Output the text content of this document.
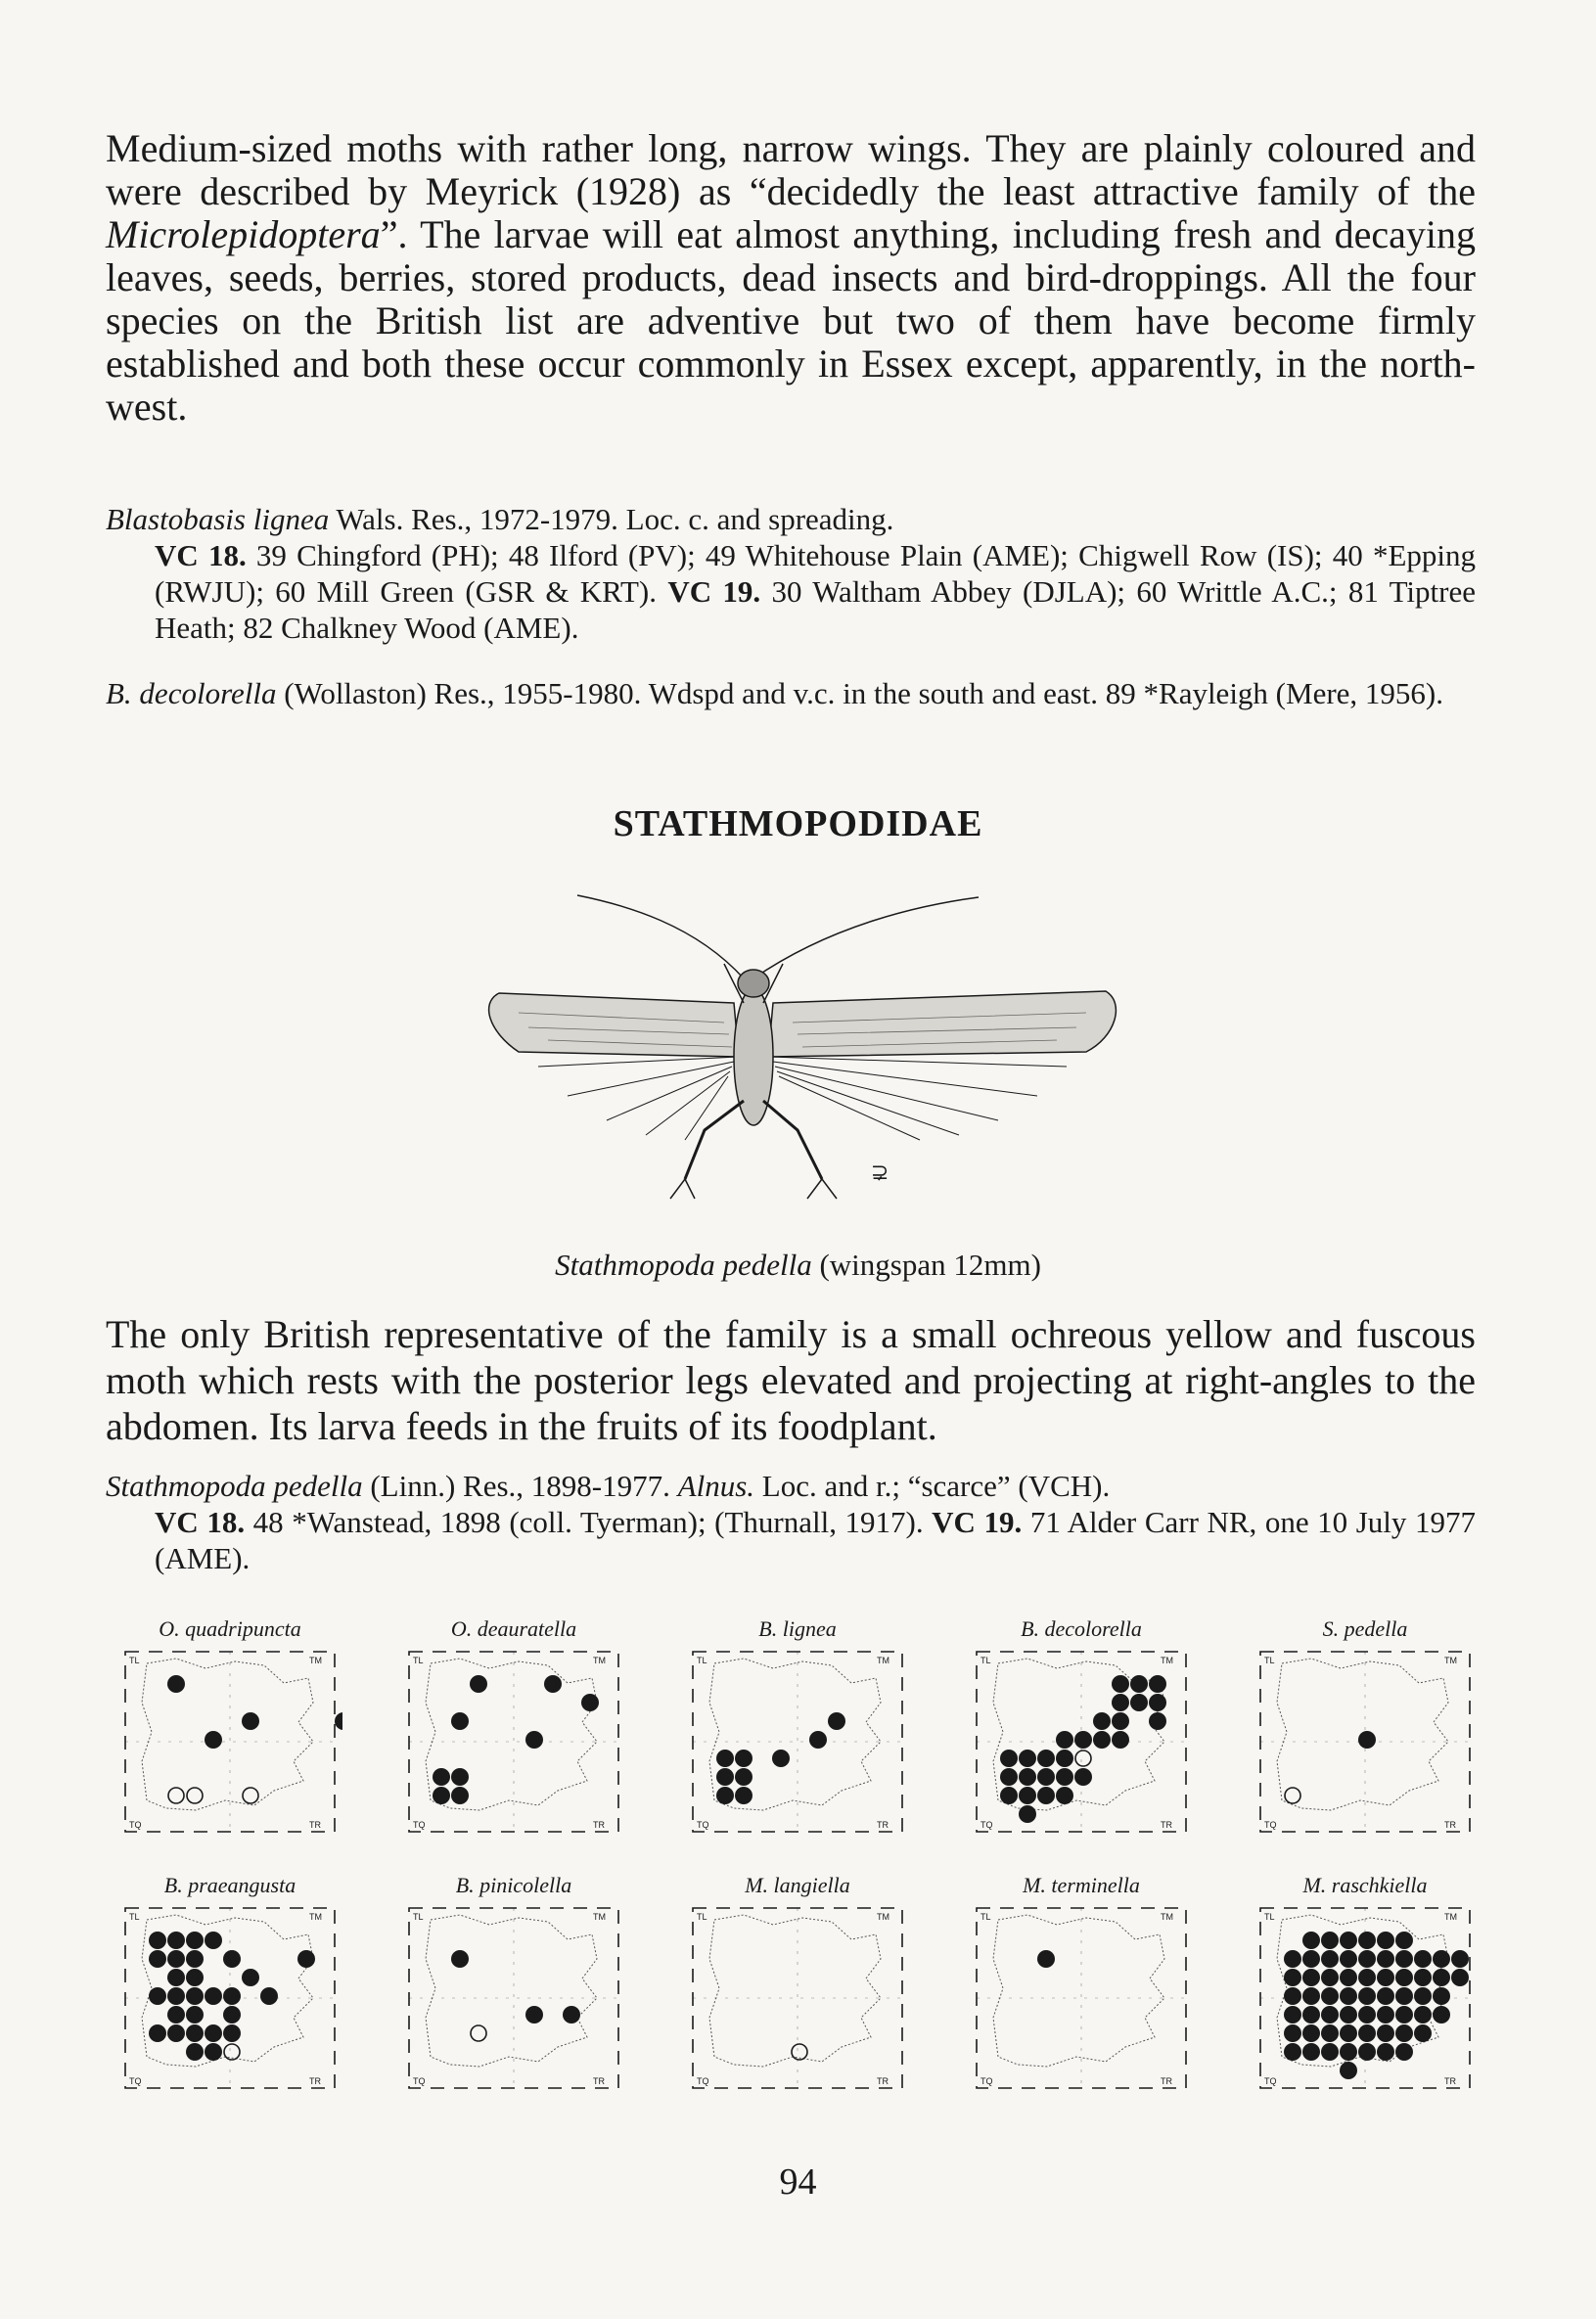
Medium-sized moths with rather long, narrow wings. They are plainly coloured and were described by Meyrick (1928) as “decidedly the least attractive family of the Microlepidoptera”. The larvae will eat almost anything, including fresh and decaying leaves, seeds, berries, stored products, dead insects and bird-droppings. All the four species on the British list are adventive but two of them have become firmly established and both these occur commonly in Essex except, apparently, in the north-west.

Blastobasis lignea Wals. Res., 1972-1979. Loc. c. and spreading.
VC 18. 39 Chingford (PH); 48 Ilford (PV); 49 Whitehouse Plain (AME); Chigwell Row (IS); 40 *Epping (RWJU); 60 Mill Green (GSR & KRT). VC 19. 30 Waltham Abbey (DJLA); 60 Writtle A.C.; 81 Tiptree Heath; 82 Chalkney Wood (AME).

B. decolorella (Wollaston) Res., 1955-1980. Wdspd and v.c. in the south and east. 89 *Rayleigh (Mere, 1956).

STATHMOPODIDAE
⊋
Stathmopoda pedella (wingspan 12mm)

The only British representative of the family is a small ochreous yellow and fuscous moth which rests with the posterior legs elevated and projecting at right-angles to the abdomen. Its larva feeds in the fruits of its foodplant.

Stathmopoda pedella (Linn.) Res., 1898-1977. Alnus. Loc. and r.; “scarce” (VCH).
VC 18. 48 *Wanstead, 1898 (coll. Tyerman); (Thurnall, 1917). VC 19. 71 Alder Carr NR, one 10 July 1977 (AME).

O. quadripuncta
TL	TM
TQ	TR
O. deauratella
TL	TM
TQ	TR
B. lignea
TL	TM
TQ	TR
B. decolorella
TL	TM
TQ	TR
S. pedella
TL	TM
TQ	TR
B. praeangusta
TL	TM
TQ	TR
B. pinicolella
TL	TM
TQ	TR
M. langiella
TL	TM
TQ	TR
M. terminella
TL	TM
TQ	TR
M. raschkiella
TL	TM
TQ	TR
94
